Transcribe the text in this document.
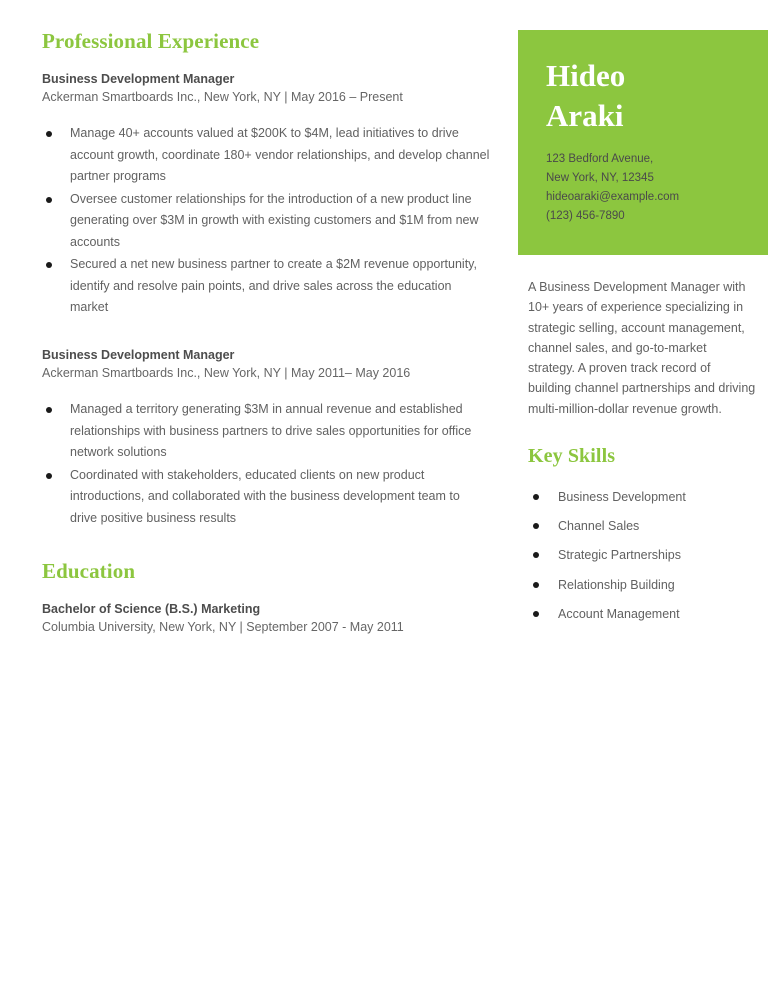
Professional Experience
Business Development Manager
Ackerman Smartboards Inc., New York, NY | May 2016 – Present
Manage 40+ accounts valued at $200K to $4M, lead initiatives to drive account growth, coordinate 180+ vendor relationships, and develop channel partner programs
Oversee customer relationships for the introduction of a new product line generating over $3M in growth with existing customers and $1M from new accounts
Secured a net new business partner to create a $2M revenue opportunity, identify and resolve pain points, and drive sales across the education market
Business Development Manager
Ackerman Smartboards Inc., New York, NY | May 2011– May 2016
Managed a territory generating $3M in annual revenue and established relationships with business partners to drive sales opportunities for office network solutions
Coordinated with stakeholders, educated clients on new product introductions, and collaborated with the business development team to drive positive business results
Education
Bachelor of Science (B.S.) Marketing
Columbia University, New York, NY | September 2007 - May 2011
Hideo
Araki
123 Bedford Avenue,
New York, NY, 12345
hideoaraki@example.com
(123) 456-7890

A Business Development Manager with 10+ years of experience specializing in strategic selling, account management, channel sales, and go-to-market strategy. A proven track record of building channel partnerships and driving multi-million-dollar revenue growth.

Key Skills
Business Development
Channel Sales
Strategic Partnerships
Relationship Building
Account Management
